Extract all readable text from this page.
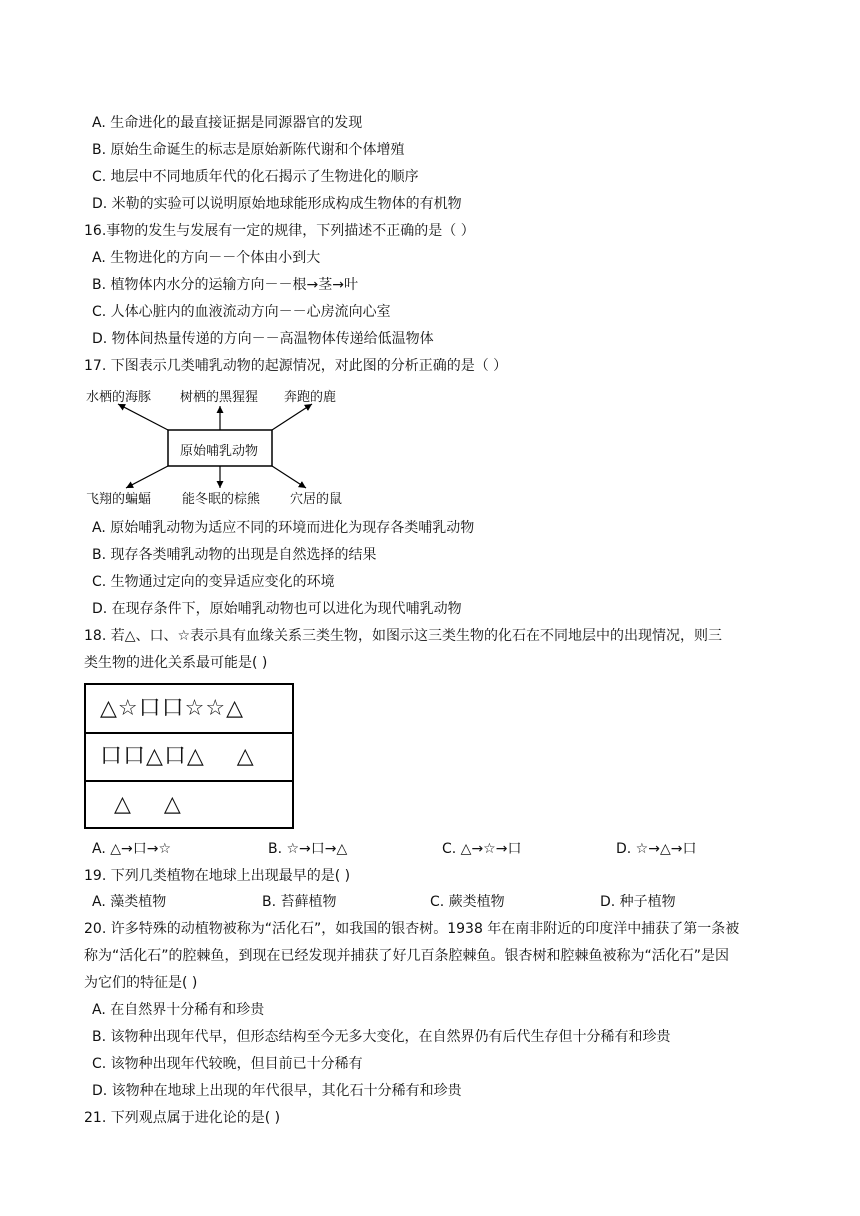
A. 生命进化的最直接证据是同源器官的发现
B. 原始生命诞生的标志是原始新陈代谢和个体增殖
C. 地层中不同地质年代的化石揭示了生物进化的顺序
D. 米勒的实验可以说明原始地球能形成构成生物体的有机物
16.事物的发生与发展有一定的规律，下列描述不正确的是（ ）
A. 生物进化的方向－－个体由小到大
B. 植物体内水分的运输方向－－根→茎→叶
C. 人体心脏内的血液流动方向－－心房流向心室
D. 物体间热量传递的方向－－高温物体传递给低温物体
17. 下图表示几类哺乳动物的起源情况，对此图的分析正确的是（ ）
原始哺乳动物
水栖的海豚 树栖的黑猩猩 奔跑的鹿
飞翔的蝙蝠 能冬眠的棕熊 穴居的鼠
A. 原始哺乳动物为适应不同的环境而进化为现存各类哺乳动物
B. 现存各类哺乳动物的出现是自然选择的结果
C. 生物通过定向的变异适应变化的环境
D. 在现存条件下，原始哺乳动物也可以进化为现代哺乳动物
18. 若△、口、☆表示具有血缘关系三类生物，如图示这三类生物的化石在不同地层中的出现情况，则三
类生物的进化关系最可能是( )
△☆口口☆☆△
口口△口△    △
△    △
A. △→口→☆	B. ☆→口→△	C. △→☆→口	D. ☆→△→口
19. 下列几类植物在地球上出现最早的是( )
A. 藻类植物	B. 苔藓植物	C. 蕨类植物	D. 种子植物
20. 许多特殊的动植物被称为“活化石”，如我国的银杏树。1938 年在南非附近的印度洋中捕获了第一条被
称为“活化石”的腔棘鱼，到现在已经发现并捕获了好几百条腔棘鱼。银杏树和腔棘鱼被称为“活化石”是因
为它们的特征是( )
A. 在自然界十分稀有和珍贵
B. 该物种出现年代早，但形态结构至今无多大变化，在自然界仍有后代生存但十分稀有和珍贵
C. 该物种出现年代较晚，但目前已十分稀有
D. 该物种在地球上出现的年代很早，其化石十分稀有和珍贵
21. 下列观点属于进化论的是( )
